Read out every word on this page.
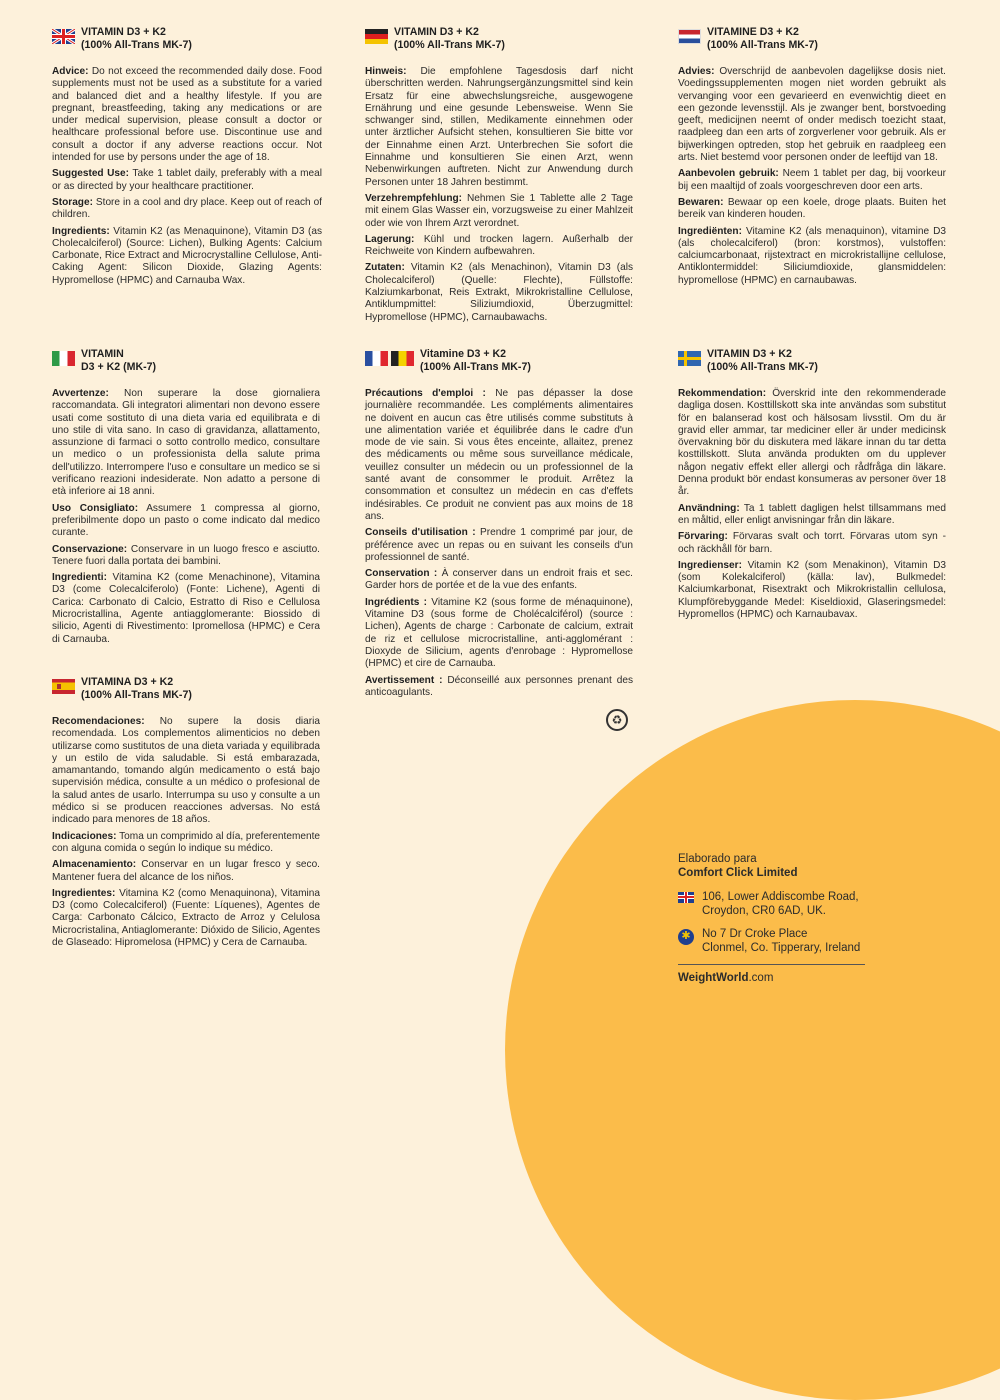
VITAMIN D3 + K2
(100% All-Trans MK-7)

Advice: Do not exceed the recommended daily dose. Food supplements must not be used as a substitute for a varied and balanced diet and a healthy lifestyle. If you are pregnant, breastfeeding, taking any medications or are under medical supervision, please consult a doctor or healthcare professional before use. Discontinue use and consult a doctor if any adverse reactions occur. Not intended for use by persons under the age of 18.

Suggested Use: Take 1 tablet daily, preferably with a meal or as directed by your healthcare practitioner.

Storage: Store in a cool and dry place. Keep out of reach of children.

Ingredients: Vitamin K2 (as Menaquinone), Vitamin D3 (as Cholecalciferol) (Source: Lichen), Bulking Agents: Calcium Carbonate, Rice Extract and Microcrystalline Cellulose, Anti-Caking Agent: Silicon Dioxide, Glazing Agents: Hypromellose (HPMC) and Carnauba Wax.

VITAMIN D3 + K2
(100% All-Trans MK-7)

Hinweis: Die empfohlene Tagesdosis darf nicht überschritten werden. Nahrungsergänzungsmittel sind kein Ersatz für eine abwechslungsreiche, ausgewogene Ernährung und eine gesunde Lebensweise. Wenn Sie schwanger sind, stillen, Medikamente einnehmen oder unter ärztlicher Aufsicht stehen, konsultieren Sie bitte vor der Einnahme einen Arzt. Unterbrechen Sie sofort die Einnahme und konsultieren Sie einen Arzt, wenn Nebenwirkungen auftreten. Nicht zur Anwendung durch Personen unter 18 Jahren bestimmt.

Verzehrempfehlung: Nehmen Sie 1 Tablette alle 2 Tage mit einem Glas Wasser ein, vorzugsweise zu einer Mahlzeit oder wie von Ihrem Arzt verordnet.

Lagerung: Kühl und trocken lagern. Außerhalb der Reichweite von Kindern aufbewahren.

Zutaten: Vitamin K2 (als Menachinon), Vitamin D3 (als Cholecalciferol) (Quelle: Flechte), Füllstoffe: Kalziumkarbonat, Reis Extrakt, Mikrokristalline Cellulose, Antiklumpmittel: Siliziumdioxid, Überzugmittel: Hypromellose (HPMC), Carnaubawachs.

VITAMINE D3 + K2
(100% All-Trans MK-7)

Advies: Overschrijd de aanbevolen dagelijkse dosis niet. Voedingssupplementen mogen niet worden gebruikt als vervanging voor een gevarieerd en evenwichtig dieet en een gezonde levensstijl. Als je zwanger bent, borstvoeding geeft, medicijnen neemt of onder medisch toezicht staat, raadpleeg dan een arts of zorgverlener voor gebruik. Als er bijwerkingen optreden, stop het gebruik en raadpleeg een arts. Niet bestemd voor personen onder de leeftijd van 18.

Aanbevolen gebruik: Neem 1 tablet per dag, bij voorkeur bij een maaltijd of zoals voorgeschreven door een arts.

Bewaren: Bewaar op een koele, droge plaats. Buiten het bereik van kinderen houden.

Ingrediënten: Vitamine K2 (als menaquinon), vitamine D3 (als cholecalciferol) (bron: korstmos), vulstoffen: calciumcarbonaat, rijstextract en microkristallijne cellulose, Antiklontermiddel: Siliciumdioxide, glansmiddelen: hypromellose (HPMC) en carnaubawas.

VITAMIN
D3 + K2 (MK-7)

Avvertenze: Non superare la dose giornaliera raccomandata. Gli integratori alimentari non devono essere usati come sostituto di una dieta varia ed equilibrata e di uno stile di vita sano. In caso di gravidanza, allattamento, assunzione di farmaci o sotto controllo medico, consultare un medico o un professionista della salute prima dell'utilizzo. Interrompere l'uso e consultare un medico se si verificano reazioni indesiderate. Non adatto a persone di età inferiore ai 18 anni.

Uso Consigliato: Assumere 1 compressa al giorno, preferibilmente dopo un pasto o come indicato dal medico curante.

Conservazione: Conservare in un luogo fresco e asciutto. Tenere fuori dalla portata dei bambini.

Ingredienti: Vitamina K2 (come Menachinone), Vitamina D3 (come Colecalciferolo) (Fonte: Lichene), Agenti di Carica: Carbonato di Calcio, Estratto di Riso e Cellulosa Microcristallina, Agente antiagglomerante: Biossido di silicio, Agenti di Rivestimento: Ipromellosa (HPMC) e Cera di Carnauba.

Vitamine D3 + K2
(100% All-Trans MK-7)

Précautions d'emploi : Ne pas dépasser la dose journalière recommandée. Les compléments alimentaires ne doivent en aucun cas être utilisés comme substituts à une alimentation variée et équilibrée dans le cadre d'un mode de vie sain. Si vous êtes enceinte, allaitez, prenez des médicaments ou même sous surveillance médicale, veuillez consulter un médecin ou un professionnel de la santé avant de consommer le produit. Arrêtez la consommation et consultez un médecin en cas d'effets indésirables. Ce produit ne convient pas aux moins de 18 ans.

Conseils d'utilisation : Prendre 1 comprimé par jour, de préférence avec un repas ou en suivant les conseils d'un professionnel de santé.

Conservation : À conserver dans un endroit frais et sec. Garder hors de portée et de la vue des enfants.

Ingrédients : Vitamine K2 (sous forme de ménaquinone), Vitamine D3 (sous forme de Cholécalciférol) (source : Lichen), Agents de charge : Carbonate de calcium, extrait de riz et cellulose microcristalline, anti-agglomérant : Dioxyde de Silicium, agents d'enrobage : Hypromellose (HPMC) et cire de Carnauba.

Avertissement : Déconseillé aux personnes prenant des anticoagulants.

VITAMIN D3 + K2
(100% All-Trans MK-7)

Rekommendation: Överskrid inte den rekommenderade dagliga dosen. Kosttillskott ska inte användas som substitut för en balanserad kost och hälsosam livsstil. Om du är gravid eller ammar, tar mediciner eller är under medicinsk övervakning bör du diskutera med läkare innan du tar detta kosttillskott. Sluta använda produkten om du upplever någon negativ effekt eller allergi och rådfråga din läkare. Denna produkt bör endast konsumeras av personer över 18 år.

Användning: Ta 1 tablett dagligen helst tillsammans med en måltid, eller enligt anvisningar från din läkare.

Förvaring: Förvaras svalt och torrt. Förvaras utom syn - och räckhåll för barn.

Ingredienser: Vitamin K2 (som Menakinon), Vitamin D3 (som Kolekalciferol) (källa: lav), Bulkmedel: Kalciumkarbonat, Risextrakt och Mikrokristallin cellulosa, Klumpförebyggande Medel: Kiseldioxid, Glaseringsmedel: Hypromellos (HPMC) och Karnaubavax.

VITAMINA D3 + K2
(100% All-Trans MK-7)

Recomendaciones: No supere la dosis diaria recomendada. Los complementos alimenticios no deben utilizarse como sustitutos de una dieta variada y equilibrada y un estilo de vida saludable. Si está embarazada, amamantando, tomando algún medicamento o está bajo supervisión médica, consulte a un médico o profesional de la salud antes de usarlo. Interrumpa su uso y consulte a un médico si se producen reacciones adversas. No está indicado para menores de 18 años.

Indicaciones: Toma un comprimido al día, preferentemente con alguna comida o según lo indique su médico.

Almacenamiento: Conservar en un lugar fresco y seco. Mantener fuera del alcance de los niños.

Ingredientes: Vitamina K2 (como Menaquinona), Vitamina D3 (como Colecalciferol) (Fuente: Líquenes), Agentes de Carga: Carbonato Cálcico, Extracto de Arroz y Celulosa Microcristalina, Antiaglomerante: Dióxido de Silicio, Agentes de Glaseado: Hipromelosa (HPMC) y Cera de Carnauba.

♻
Elaborado para
Comfort Click Limited
106, Lower Addiscombe Road,
Croydon, CR0 6AD, UK.
✱
No 7 Dr Croke Place
Clonmel, Co. Tipperary, Ireland
WeightWorld.com
